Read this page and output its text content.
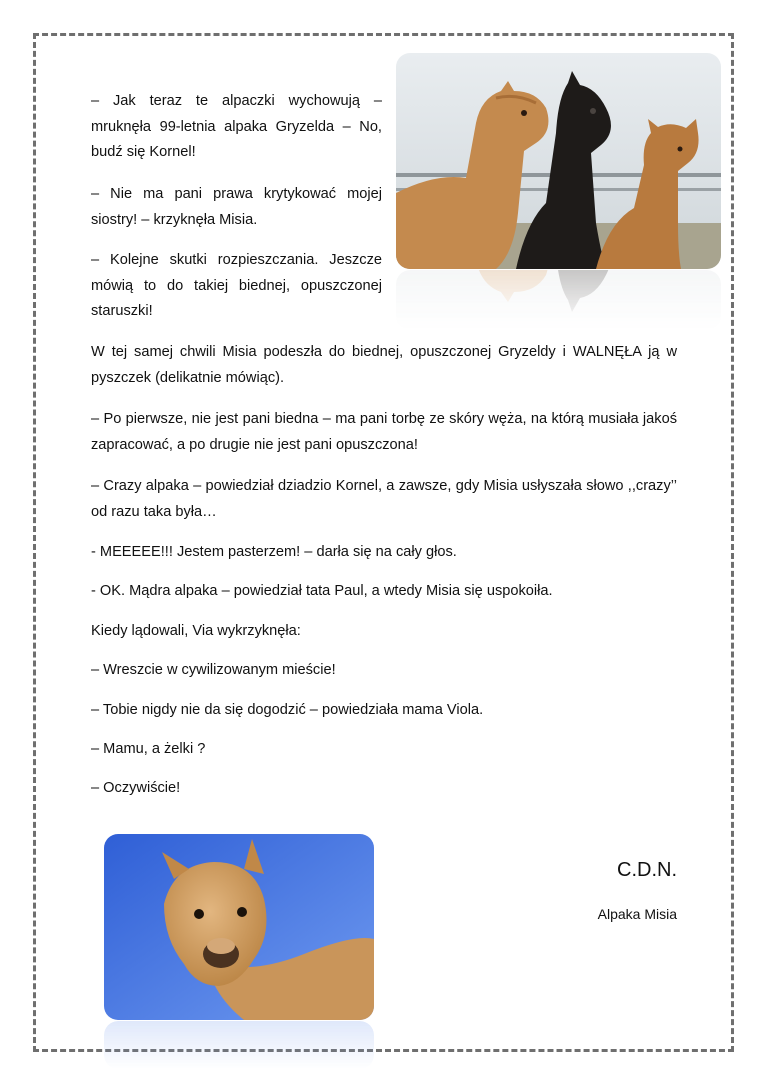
– Jak teraz te alpaczki wychowują – mruknęła 99-letnia alpaka Gryzelda – No, budź się Kornel!

– Nie ma pani prawa krytykować mojej siostry! – krzyknęła Misia.

– Kolejne skutki rozpieszczania. Jeszcze mówią to do takiej biednej, opuszczonej staruszki!

W tej samej chwili Misia podeszła do biednej, opuszczonej Gryzeldy i WALNĘŁA ją w pyszczek (delikatnie mówiąc).

– Po pierwsze, nie jest pani biedna – ma pani torbę ze skóry węża, na którą musiała jakoś zapracować, a po drugie nie jest pani opuszczona!

– Crazy alpaka – powiedział dziadzio Kornel, a zawsze, gdy Misia usłyszała słowo ,,crazy’’ od razu taka była…

- MEEEEE!!! Jestem pasterzem! – darła się na cały głos.

- OK. Mądra alpaka – powiedział tata Paul, a wtedy Misia się uspokoiła.

Kiedy lądowali, Via wykrzyknęła:

– Wreszcie w cywilizowanym mieście!

– Tobie nigdy nie da się dogodzić – powiedziała mama Viola.

– Mamu, a żelki ?

– Oczywiście!

C.D.N.
Alpaka Misia
